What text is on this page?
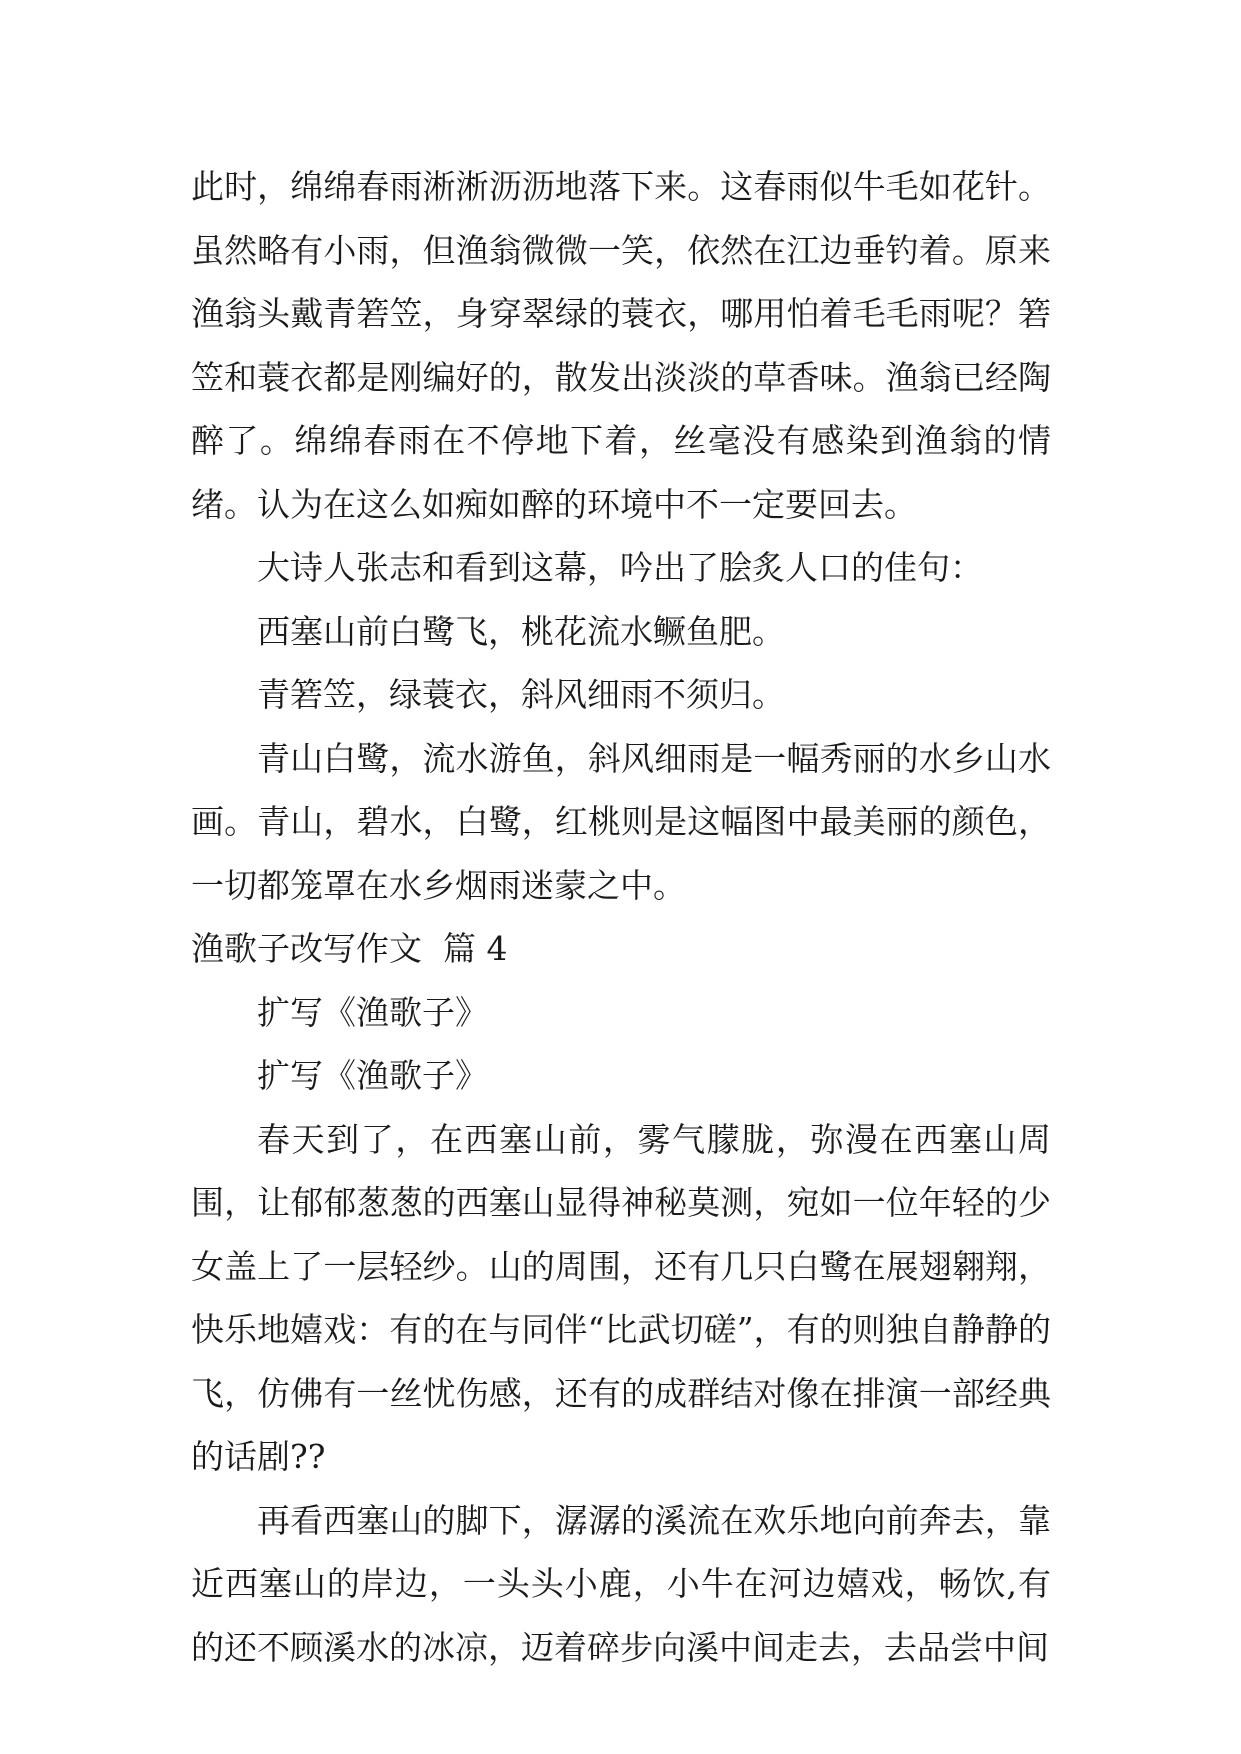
此时，绵绵春雨淅淅沥沥地落下来。这春雨似牛毛如花针。虽然略有小雨，但渔翁微微一笑，依然在江边垂钓着。原来渔翁头戴青箬笠，身穿翠绿的蓑衣，哪用怕着毛毛雨呢？箬笠和蓑衣都是刚编好的，散发出淡淡的草香味。渔翁已经陶醉了。绵绵春雨在不停地下着，丝毫没有感染到渔翁的情绪。认为在这么如痴如醉的环境中不一定要回去。

大诗人张志和看到这幕，吟出了脍炙人口的佳句：

西塞山前白鹭飞，桃花流水鳜鱼肥。

青箬笠，绿蓑衣，斜风细雨不须归。

青山白鹭，流水游鱼，斜风细雨是一幅秀丽的水乡山水画。青山，碧水，白鹭，红桃则是这幅图中最美丽的颜色，一切都笼罩在水乡烟雨迷蒙之中。

渔歌子改写作文  篇 4

扩写《渔歌子》

扩写《渔歌子》

春天到了，在西塞山前，雾气朦胧，弥漫在西塞山周围，让郁郁葱葱的西塞山显得神秘莫测，宛如一位年轻的少女盖上了一层轻纱。山的周围，还有几只白鹭在展翅翱翔，快乐地嬉戏：有的在与同伴“比武切磋”，有的则独自静静的飞，仿佛有一丝忧伤感，还有的成群结对像在排演一部经典的话剧??

再看西塞山的脚下，潺潺的溪流在欢乐地向前奔去，靠近西塞山的岸边，一头头小鹿，小牛在河边嬉戏，畅饮,有的还不顾溪水的冰凉，迈着碎步向溪中间走去，去品尝中间
